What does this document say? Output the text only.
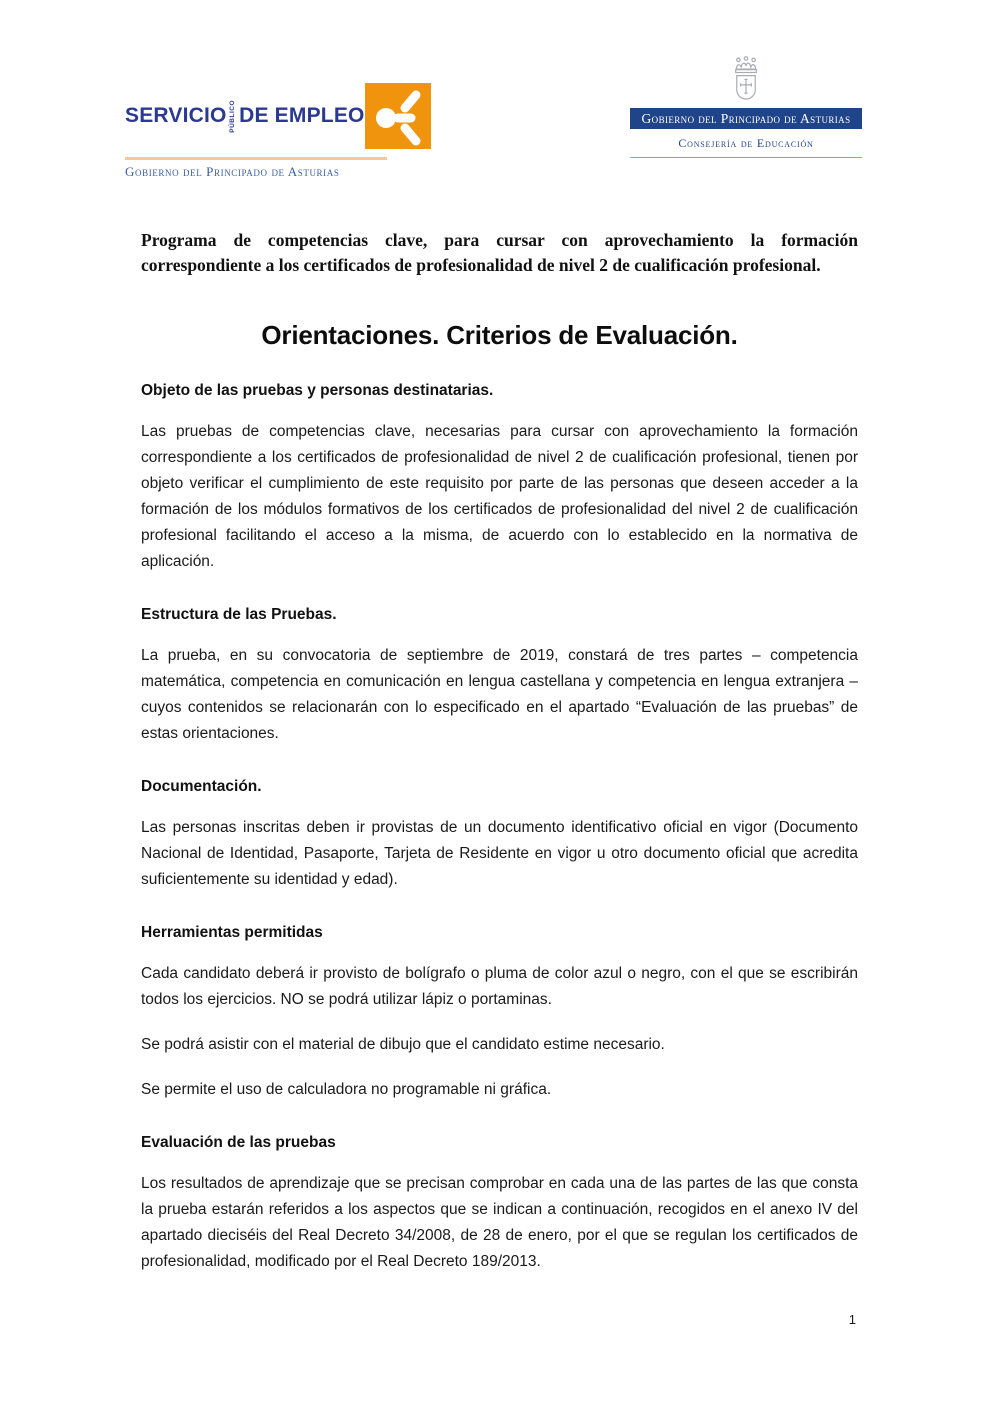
SERVICIO PÚBLICO DE EMPLEO
Gobierno del Principado de Asturias
Gobierno del Principado de Asturias
Consejería de Educación

Programa de competencias clave, para cursar con aprovechamiento la formación correspondiente a los certificados de profesionalidad de nivel 2 de cualificación profesional.

Orientaciones. Criterios de Evaluación.
Objeto de las pruebas y personas destinatarias.

Las pruebas de competencias clave, necesarias para cursar con aprovechamiento la formación correspondiente a los certificados de profesionalidad de nivel 2 de cualificación profesional, tienen por objeto verificar el cumplimiento de este requisito por parte de las personas que deseen acceder a la formación de los módulos formativos de los certificados de profesionalidad del nivel 2 de cualificación profesional facilitando el acceso a la misma, de acuerdo con lo establecido en la normativa de aplicación.

Estructura de las Pruebas.

La prueba, en su convocatoria de septiembre de 2019, constará de tres partes – competencia matemática, competencia en comunicación en lengua castellana y competencia en lengua extranjera – cuyos contenidos se relacionarán con lo especificado en el apartado “Evaluación de las pruebas” de estas orientaciones.

Documentación.

Las personas inscritas deben ir provistas de un documento identificativo oficial en vigor (Documento Nacional de Identidad, Pasaporte, Tarjeta de Residente en vigor u otro documento oficial que acredita suficientemente su identidad y edad).

Herramientas permitidas

Cada candidato deberá ir provisto de bolígrafo o pluma de color azul o negro, con el que se escribirán todos los ejercicios. NO se podrá utilizar lápiz o portaminas.

Se podrá asistir con el material de dibujo que el candidato estime necesario.

Se permite el uso de calculadora no programable ni gráfica.

Evaluación de las pruebas

Los resultados de aprendizaje que se precisan comprobar en cada una de las partes de las que consta la prueba estarán referidos a los aspectos que se indican a continuación, recogidos en el anexo IV del apartado dieciséis del Real Decreto 34/2008, de 28 de enero, por el que se regulan los certificados de profesionalidad, modificado por el Real Decreto 189/2013.

1
